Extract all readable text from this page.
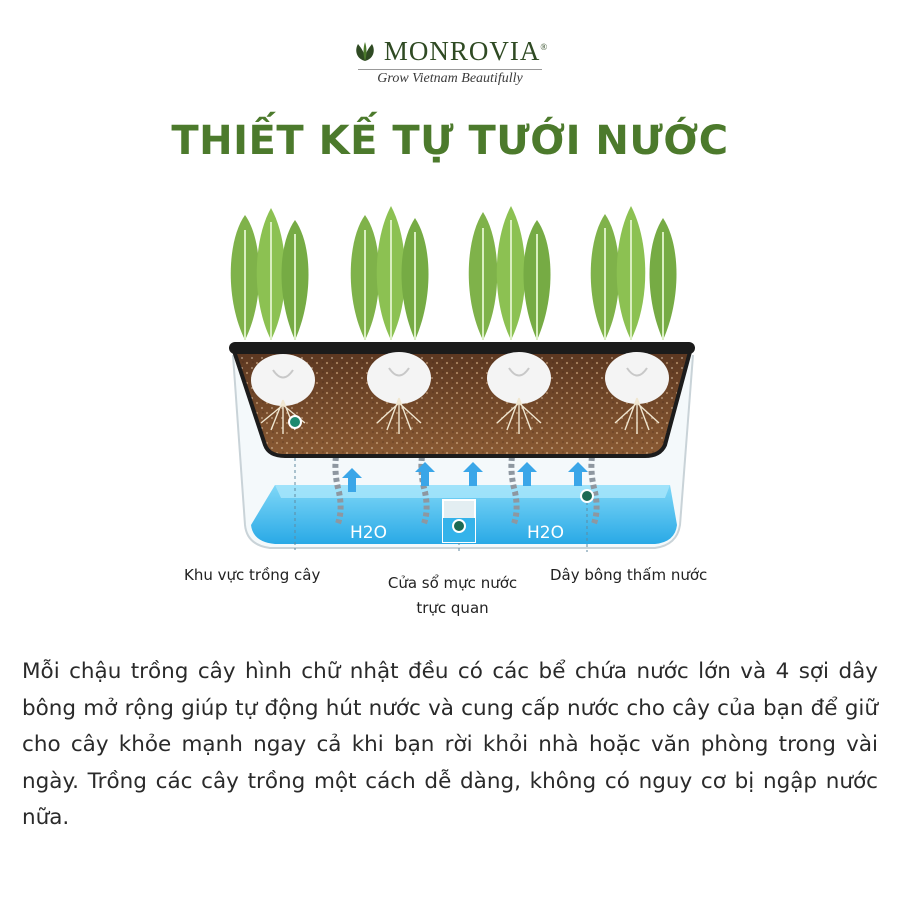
MONROVIA®
Grow Vietnam Beautifully
THIẾT KẾ TỰ TƯỚI NƯỚC
H2O	H2O
Khu vực trồng cây	Cửa sổ mực nước trực quan
Dây bông thấm nước
Mỗi chậu trồng cây hình chữ nhật đều có các bể chứa nước lớn và 4 sợi dây bông mở rộng giúp tự động hút nước và cung cấp nước cho cây của bạn để giữ cho cây khỏe mạnh ngay cả khi bạn rời khỏi nhà hoặc văn phòng trong vài ngày. Trồng các cây trồng một cách dễ dàng, không có nguy cơ bị ngập nước nữa.
